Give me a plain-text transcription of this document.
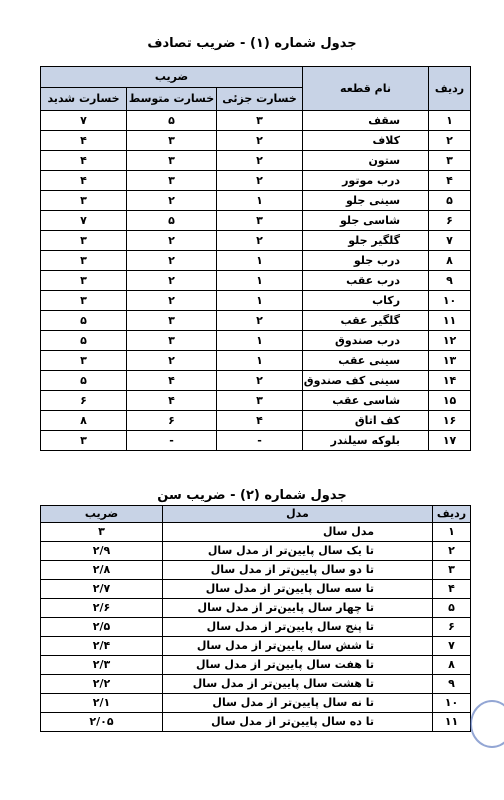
جدول شماره (۱) - ضریب تصادف
ردیف	نام قطعه	ضریب		
		خسارت جزئی	خسارت متوسط	خسارت شدید
۱	سقف	۳	۵	۷
۲	کلاف	۲	۳	۴
۳	ستون	۲	۳	۴
۴	درب موتور	۲	۳	۴
۵	سینی جلو	۱	۲	۳
۶	شاسی جلو	۳	۵	۷
۷	گلگیر جلو	۲	۲	۳
۸	درب جلو	۱	۲	۳
۹	درب عقب	۱	۲	۳
۱۰	رکاب	۱	۲	۳
۱۱	گلگیر عقب	۲	۳	۵
۱۲	درب صندوق	۱	۳	۵
۱۳	سینی عقب	۱	۲	۳
۱۴	سینی کف صندوق	۲	۴	۵
۱۵	شاسی عقب	۳	۴	۶
۱۶	کف اتاق	۴	۶	۸
۱۷	بلوکه سیلندر	-	-	۳
جدول شماره (۲) - ضریب سن
ردیف	مدل	ضریب
۱	مدل سال	۳
۲	تا یک سال پایین‌تر از مدل سال	۲/۹
۳	تا دو سال پایین‌تر از مدل سال	۲/۸
۴	تا سه سال پایین‌تر از مدل سال	۲/۷
۵	تا چهار سال پایین‌تر از مدل سال	۲/۶
۶	تا پنج سال پایین‌تر از مدل سال	۲/۵
۷	تا شش سال پایین‌تر از مدل سال	۲/۴
۸	تا هفت سال پایین‌تر از مدل سال	۲/۳
۹	تا هشت سال پایین‌تر از مدل سال	۲/۲
۱۰	تا نه سال پایین‌تر از مدل سال	۲/۱
۱۱	تا ده سال پایین‌تر از مدل سال	۲/۰۵
